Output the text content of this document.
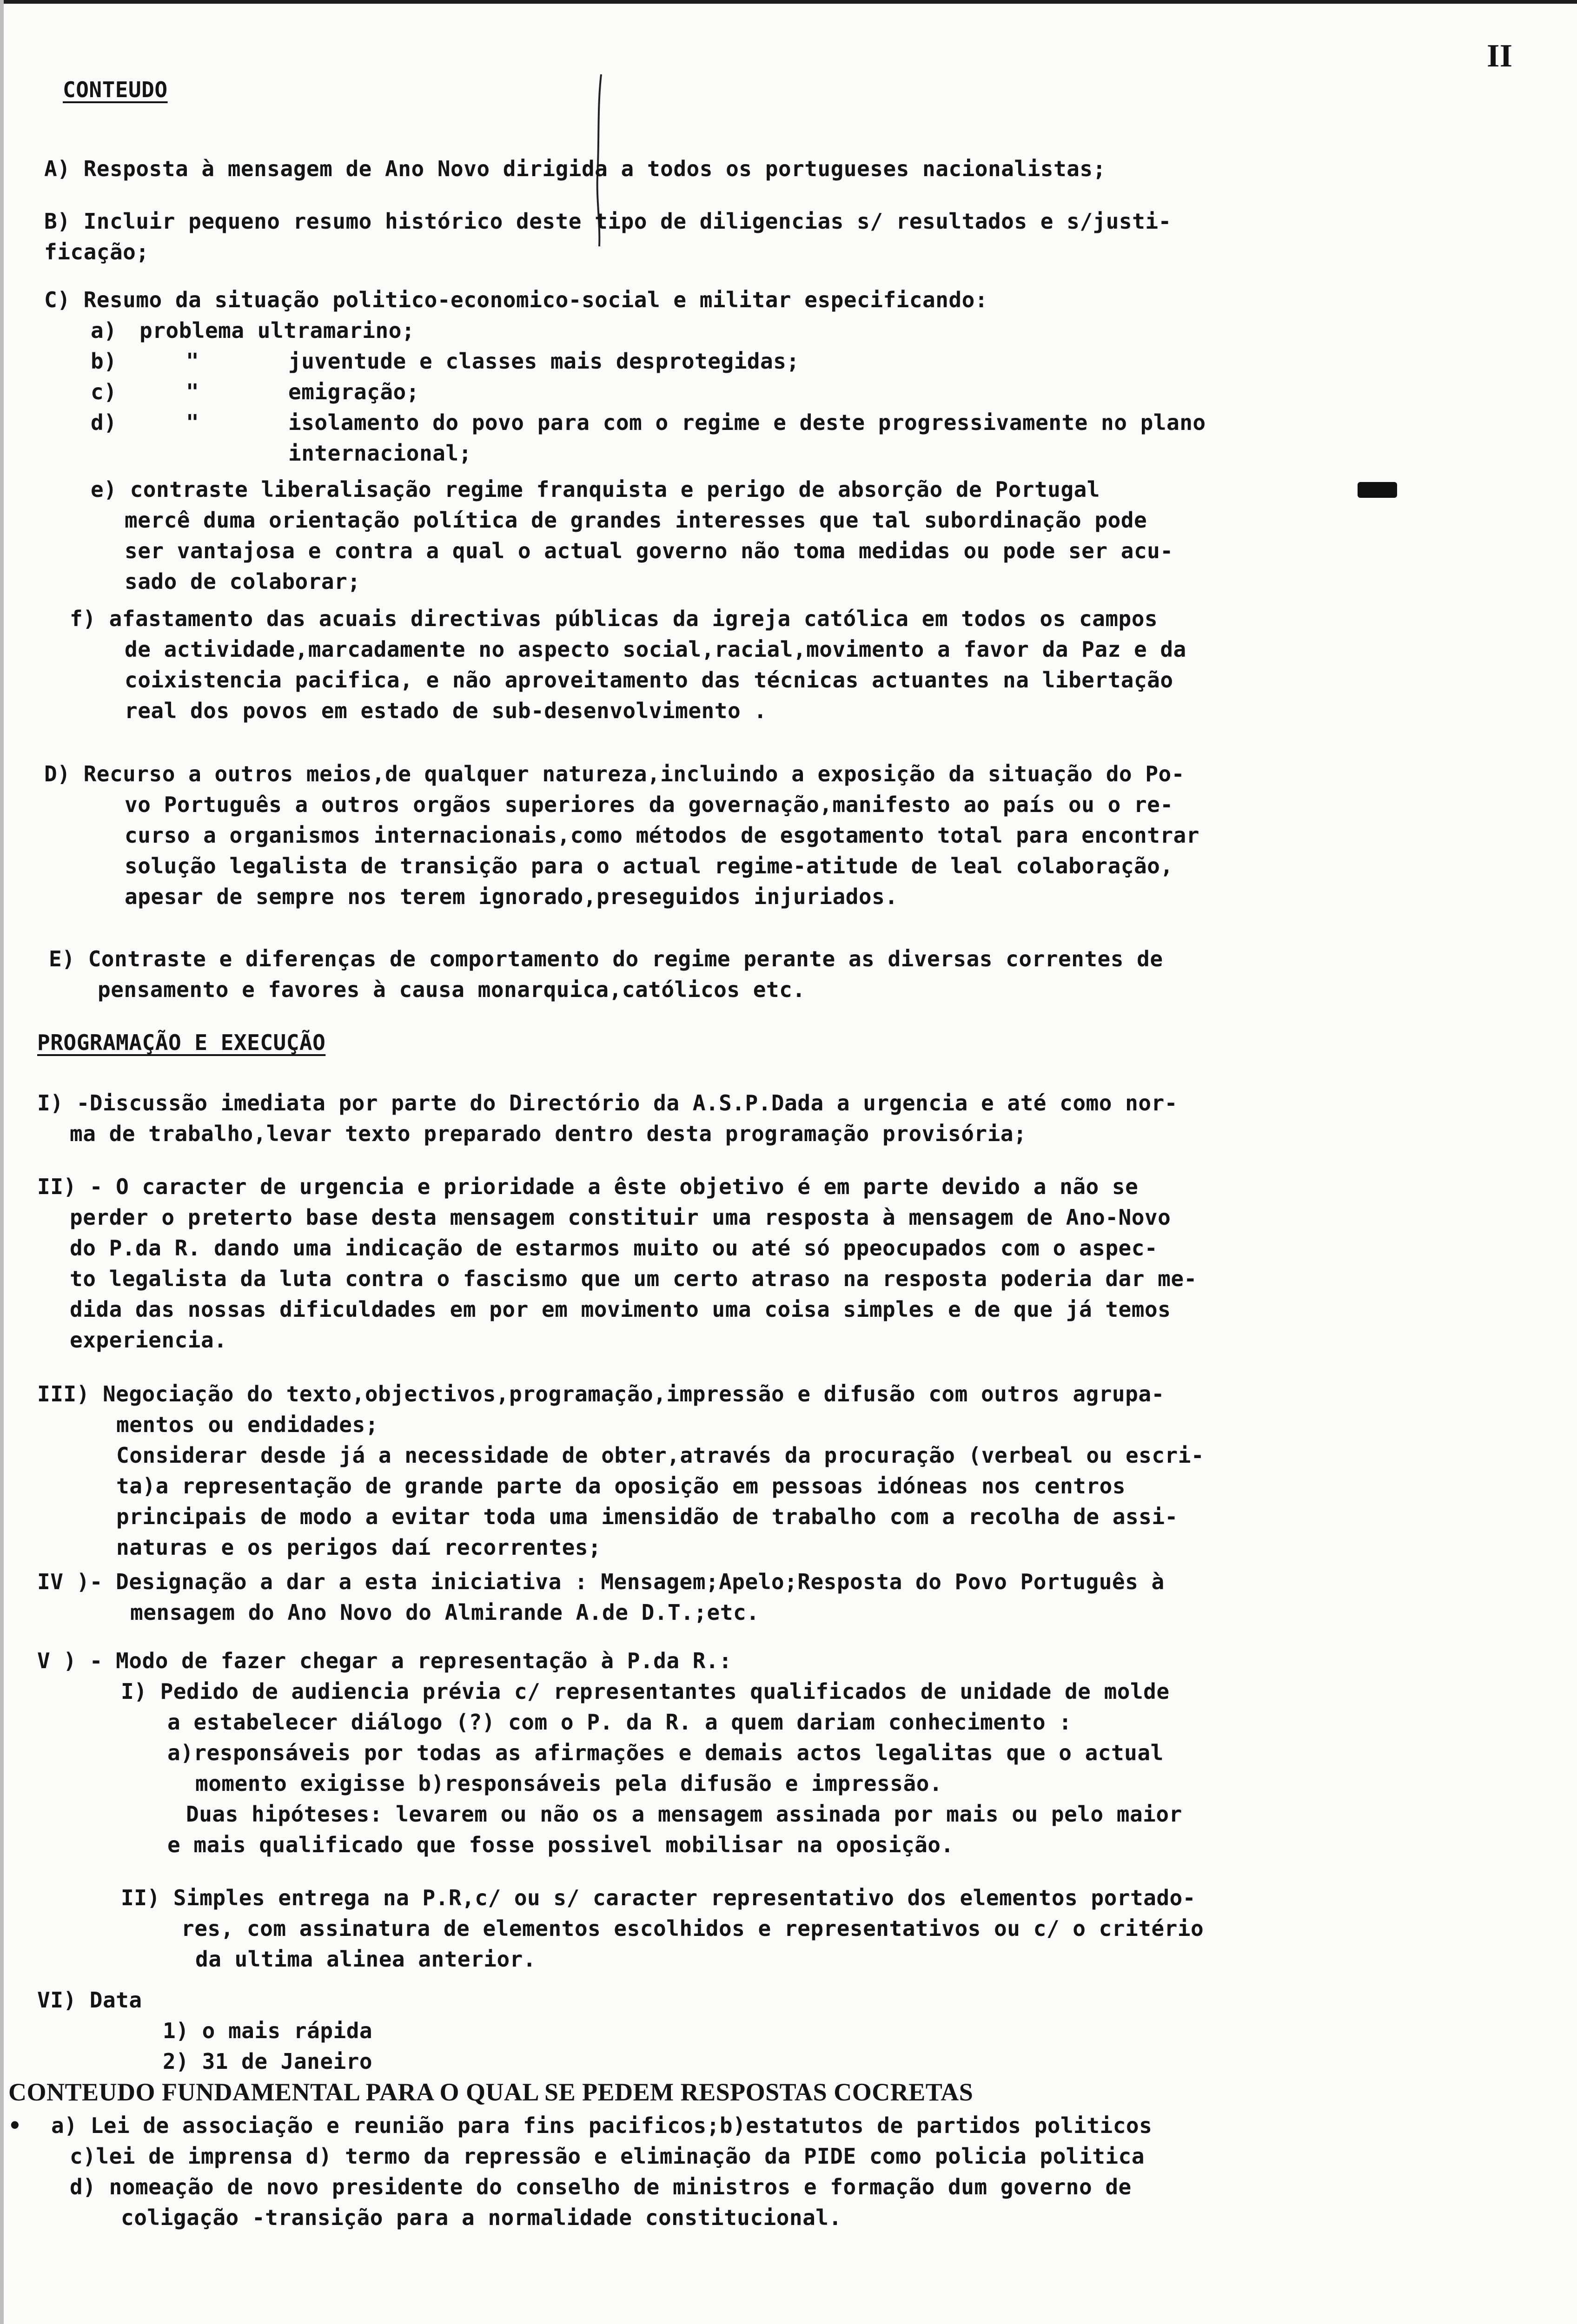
II
CONTEUDO
A) Resposta à mensagem de Ano Novo dirigida a todos os portugueses nacionalistas;
B) Incluir pequeno resumo histórico deste tipo de diligencias s/ resultados e s/justi-
ficação;
C) Resumo da situação politico-economico-social e militar especificando:
a) problema ultramarino;
b)	"	juventude e classes mais desprotegidas;
c)	"	emigração;
d)	"	isolamento do povo para com o regime e deste progressivamente no plano
internacional;
e) contraste liberalisação regime franquista e perigo de absorção de Portugal
mercê duma orientação política de grandes interesses que tal subordinação pode
ser vantajosa e contra a qual o actual governo não toma medidas ou pode ser acu-
sado de colaborar;
f) afastamento das acuais directivas públicas da igreja católica em todos os campos
de actividade,marcadamente no aspecto social,racial,movimento a favor da Paz e da
coixistencia pacifica, e não aproveitamento das técnicas actuantes na libertação
real dos povos em estado de sub-desenvolvimento .
D) Recurso a outros meios,de qualquer natureza,incluindo a exposição da situação do Po-
vo Português a outros orgãos superiores da governação,manifesto ao país ou o re-
curso a organismos internacionais,como métodos de esgotamento total para encontrar
solução legalista de transição para o actual regime-atitude de leal colaboração,
apesar de sempre nos terem ignorado,preseguidos injuriados.
E) Contraste e diferenças de comportamento do regime perante as diversas correntes de
pensamento e favores à causa monarquica,católicos etc.
PROGRAMAÇÃO E EXECUÇÃO
I) -Discussão imediata por parte do Directório da A.S.P.Dada a urgencia e até como nor-
ma de trabalho,levar texto preparado dentro desta programação provisória;
II) - O caracter de urgencia e prioridade a êste objetivo é em parte devido a não se
perder o preterto base desta mensagem constituir uma resposta à mensagem de Ano-Novo
do P.da R. dando uma indicação de estarmos muito ou até só ppeocupados com o aspec-
to legalista da luta contra o fascismo que um certo atraso na resposta poderia dar me-
dida das nossas dificuldades em por em movimento uma coisa simples e de que já temos
experiencia.
III) Negociação do texto,objectivos,programação,impressão e difusão com outros agrupa-
mentos ou endidades;
Considerar desde já a necessidade de obter,através da procuração (verbeal ou escri-
ta)a representação de grande parte da oposição em pessoas idóneas nos centros
principais de modo a evitar toda uma imensidão de trabalho com a recolha de assi-
naturas e os perigos daí recorrentes;
IV )- Designação a dar a esta iniciativa : Mensagem;Apelo;Resposta do Povo Português à
mensagem do Ano Novo do Almirande A.de D.T.;etc.
V ) - Modo de fazer chegar a representação à P.da R.:
I) Pedido de audiencia prévia c/ representantes qualificados de unidade de molde
a estabelecer diálogo (?) com o P. da R. a quem dariam conhecimento :
a)responsáveis por todas as afirmações e demais actos legalitas que o actual
momento exigisse b)responsáveis pela difusão e impressão.
Duas hipóteses: levarem ou não os a mensagem assinada por mais ou pelo maior
e mais qualificado que fosse possivel mobilisar na oposição.
II) Simples entrega na P.R,c/ ou s/ caracter representativo dos elementos portado-
res, com assinatura de elementos escolhidos e representativos ou c/ o critério
da ultima alinea anterior.
VI) Data
1) o mais rápida
2) 31 de Janeiro
CONTEUDO FUNDAMENTAL PARA O QUAL SE PEDEM RESPOSTAS COCRETAS
• a) Lei de associação e reunião para fins pacificos;b)estatutos de partidos politicos
c)lei de imprensa d) termo da repressão e eliminação da PIDE como policia politica
d) nomeação de novo presidente do conselho de ministros e formação dum governo de
coligação -transição para a normalidade constitucional.
